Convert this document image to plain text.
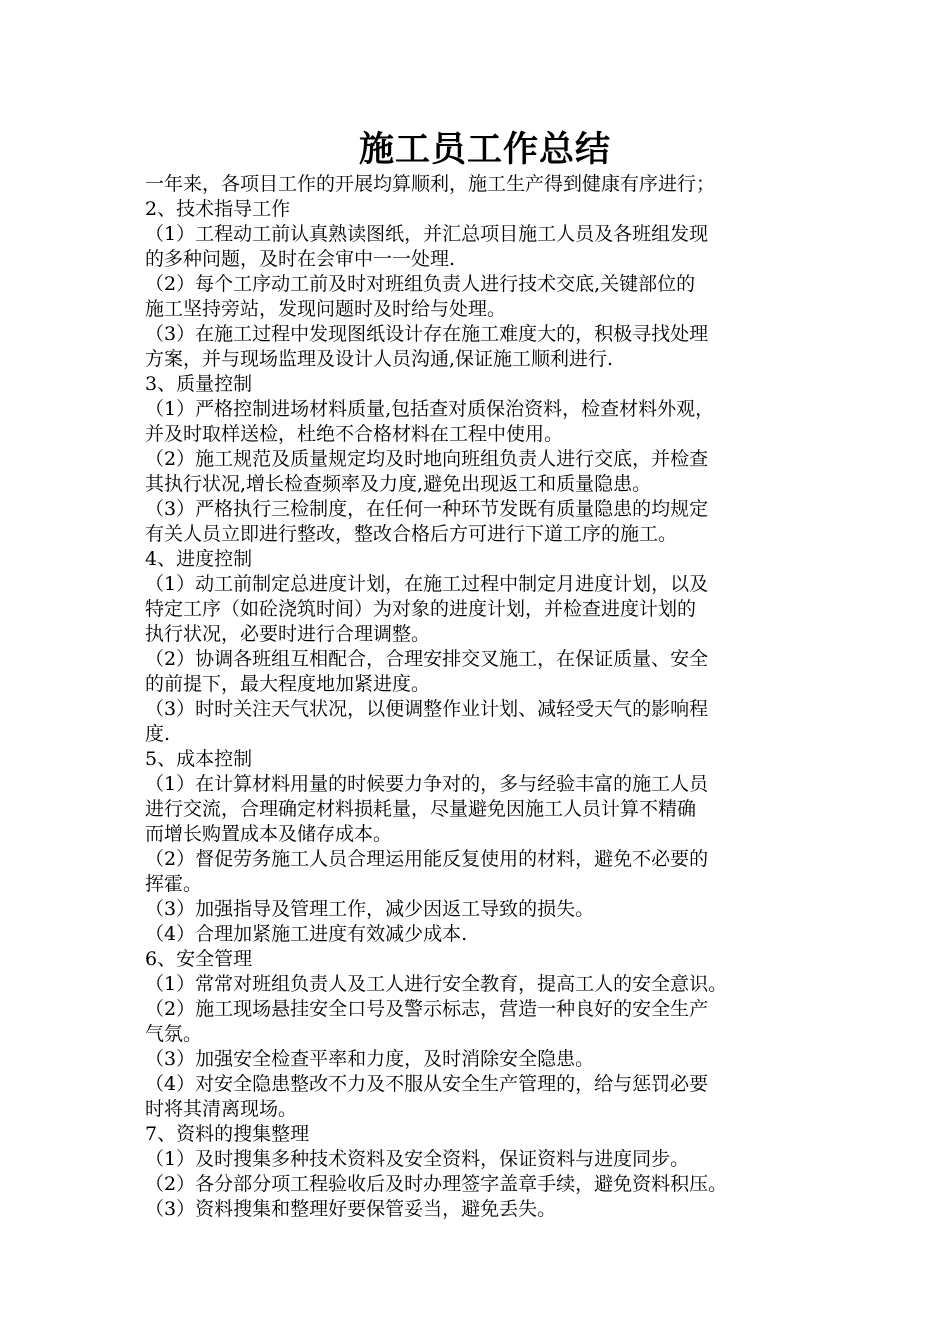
施工员工作总结
一年来，各项目工作的开展均算顺利，施工生产得到健康有序进行；
2、技术指导工作
（1）工程动工前认真熟读图纸，并汇总项目施工人员及各班组发现
的多种问题，及时在会审中一一处理.
（2）每个工序动工前及时对班组负责人进行技术交底,关键部位的
施工坚持旁站，发现问题时及时给与处理。
（3）在施工过程中发现图纸设计存在施工难度大的，积极寻找处理
方案，并与现场监理及设计人员沟通,保证施工顺利进行.
3、质量控制
（1）严格控制进场材料质量,包括查对质保治资料，检查材料外观，
并及时取样送检，杜绝不合格材料在工程中使用。
（2）施工规范及质量规定均及时地向班组负责人进行交底，并检查
其执行状况,增长检查频率及力度,避免出现返工和质量隐患。
（3）严格执行三检制度，在任何一种环节发既有质量隐患的均规定
有关人员立即进行整改，整改合格后方可进行下道工序的施工。
4、进度控制
（1）动工前制定总进度计划，在施工过程中制定月进度计划，以及
特定工序（如砼浇筑时间）为对象的进度计划，并检查进度计划的
执行状况，必要时进行合理调整。
（2）协调各班组互相配合，合理安排交叉施工，在保证质量、安全
的前提下，最大程度地加紧进度。
（3）时时关注天气状况，以便调整作业计划、减轻受天气的影响程
度.
5、成本控制
（1）在计算材料用量的时候要力争对的，多与经验丰富的施工人员
进行交流，合理确定材料损耗量，尽量避免因施工人员计算不精确
而增长购置成本及储存成本。
（2）督促劳务施工人员合理运用能反复使用的材料，避免不必要的
挥霍。
（3）加强指导及管理工作，减少因返工导致的损失。
（4）合理加紧施工进度有效减少成本.
6、安全管理
（1）常常对班组负责人及工人进行安全教育，提高工人的安全意识。
（2）施工现场悬挂安全口号及警示标志，营造一种良好的安全生产
气氛。
（3）加强安全检查平率和力度，及时消除安全隐患。
（4）对安全隐患整改不力及不服从安全生产管理的，给与惩罚必要
时将其清离现场。
7、资料的搜集整理
（1）及时搜集多种技术资料及安全资料，保证资料与进度同步。
（2）各分部分项工程验收后及时办理签字盖章手续，避免资料积压。
（3）资料搜集和整理好要保管妥当，避免丢失。
